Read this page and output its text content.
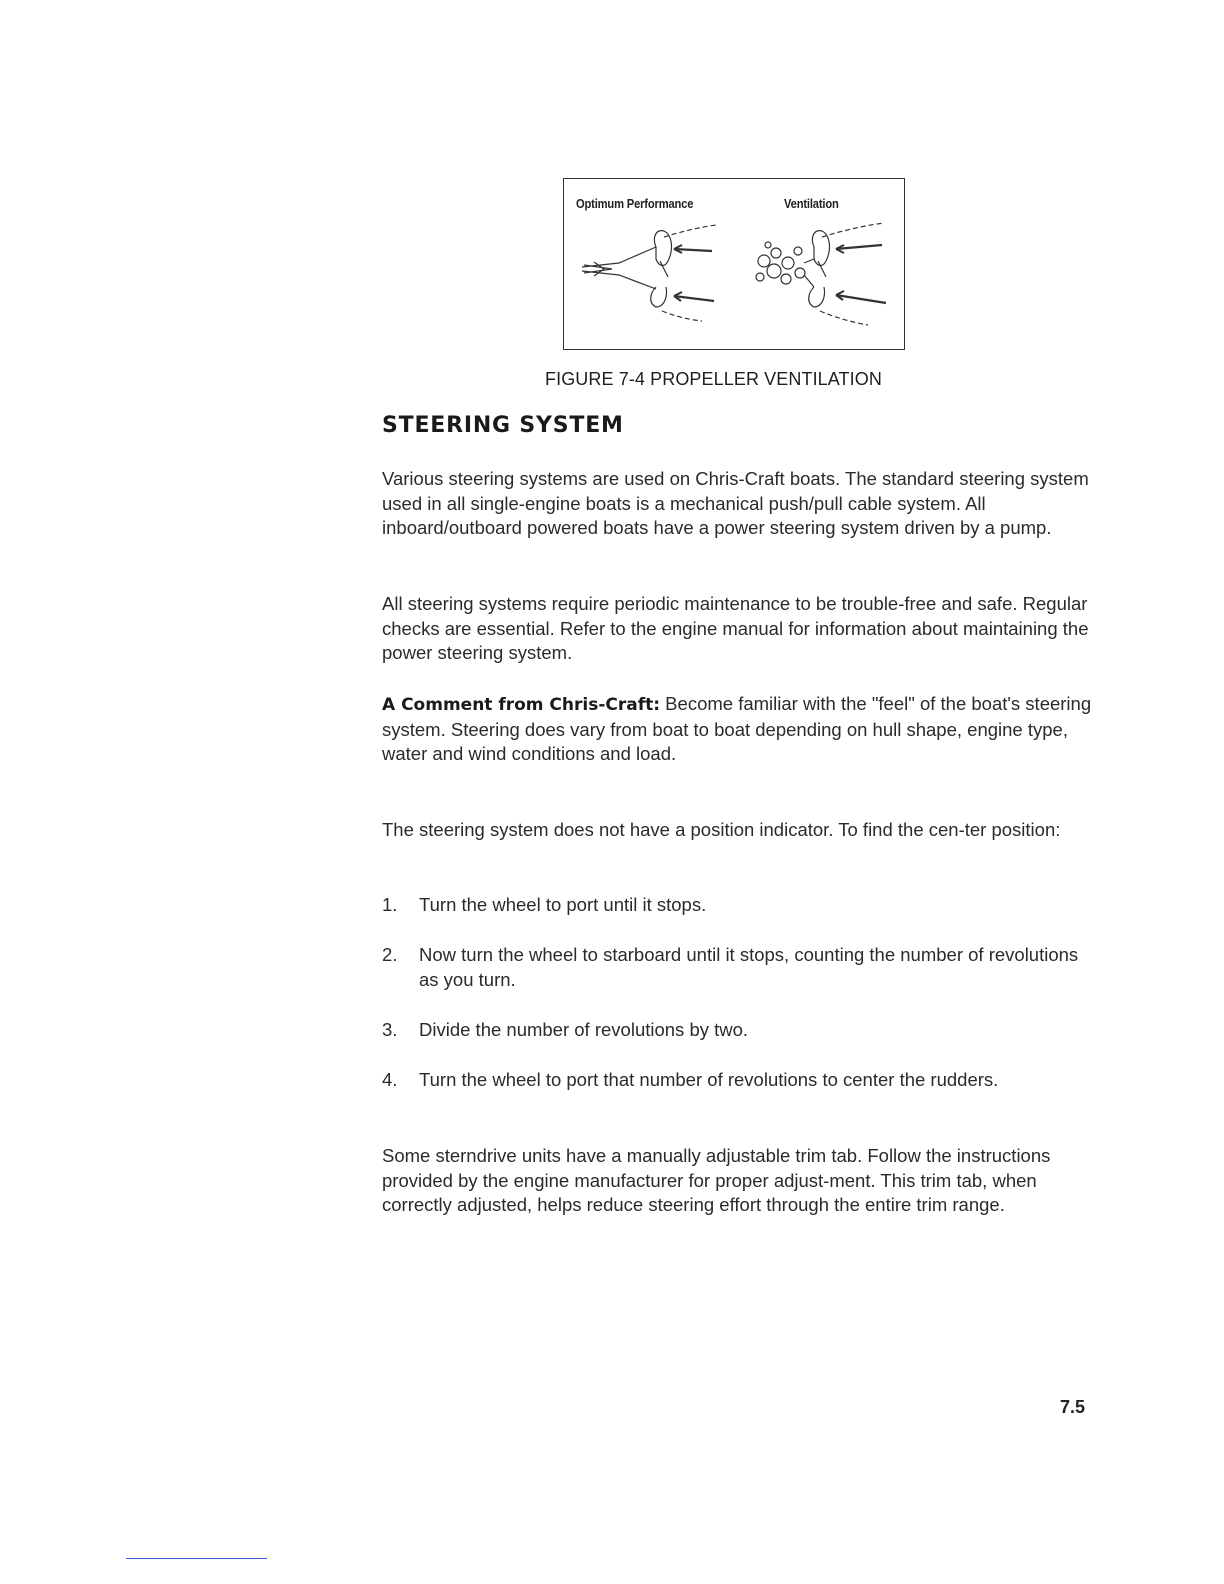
Optimum Performance	Ventilation
FIGURE 7-4 PROPELLER VENTILATION
STEERING SYSTEM

Various steering systems are used on Chris-Craft boats. The standard steering system used in all single-engine boats is a mechanical push/pull cable system. All inboard/outboard powered boats have a power steering system driven by a pump.

All steering systems require periodic maintenance to be trouble-free and safe. Regular checks are essential. Refer to the engine manual for information about maintaining the power steering system.

A Comment from Chris-Craft: Become familiar with the "feel" of the boat's steering system. Steering does vary from boat to boat depending on hull shape, engine type, water and wind conditions and load.

The steering system does not have a position indicator. To find the cen-ter position:

1. Turn the wheel to port until it stops.
2. Now turn the wheel to starboard until it stops, counting the number of revolutions as you turn.
3. Divide the number of revolutions by two.
4. Turn the wheel to port that number of revolutions to center the rudders.

Some sterndrive units have a manually adjustable trim tab. Follow the instructions provided by the engine manufacturer for proper adjust-ment. This trim tab, when correctly adjusted, helps reduce steering effort through the entire trim range.

7.5
